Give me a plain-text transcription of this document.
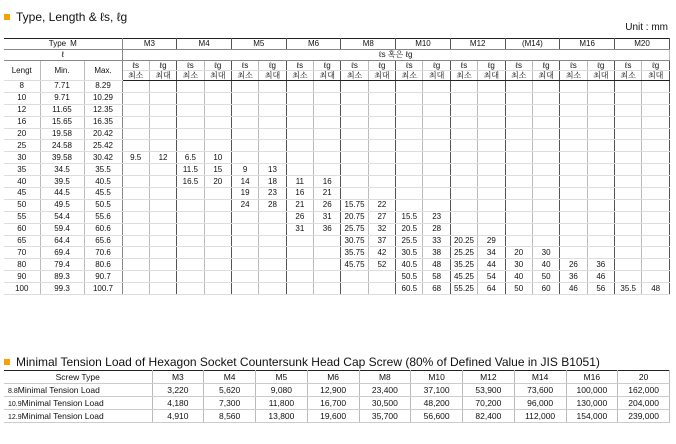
Type, Length & ℓs, ℓg
Unit : mm
Type M			M3		M4		M5		M6		M8		M10		M12		(M14)		M16		M20	
ℓ			ℓs 혹은 ℓg																			
Lengt	Min.	Max.	ℓs	ℓg	ℓs	ℓg	ℓs	ℓg	ℓs	ℓg	ℓs	ℓg	ℓs	ℓg	ℓs	ℓg	ℓs	ℓg	ℓs	ℓg	ℓs	ℓg
			최소	최대	최소	최대	최소	최대	최소	최대	최소	최대	최소	최대	최소	최대	최소	최대	최소	최대	최소	최대
8	7.71	8.29																				
10	9.71	10.29																				
12	11.65	12.35																				
16	15.65	16.35																				
20	19.58	20.42																				
25	24.58	25.42																				
30	39.58	30.42	9.5	12	6.5	10																
35	34.5	35.5			11.5	15	9	13														
40	39.5	40.5			16.5	20	14	18	11	16												
45	44.5	45.5					19	23	16	21												
50	49.5	50.5					24	28	21	26	15.75	22										
55	54.4	55.6							26	31	20.75	27	15.5	23								
60	59.4	60.6							31	36	25.75	32	20.5	28								
65	64.4	65.6									30.75	37	25.5	33	20.25	29						
70	69.4	70.6									35.75	42	30.5	38	25.25	34	20	30				
80	79.4	80.6									45.75	52	40.5	48	35.25	44	30	40	26	36		
90	89.3	90.7											50.5	58	45.25	54	40	50	36	46		
100	99.3	100.7											60.5	68	55.25	64	50	60	46	56	35.5	48
Minimal Tension Load of Hexagon Socket Countersunk Head Cap Screw (80% of Defined Value in JIS B1051)
Screw Type	M3	M4	M5	M6	M8	M10	M12	M14	M16	20
8.8Minimal Tension Load	3,220	5,620	9,080	12,900	23,400	37,100	53,900	73,600	100,000	162,000
10.9Minimal Tension Load	4,180	7,300	11,800	16,700	30,500	48,200	70,200	96,000	130,000	204,000
12.9Minimal Tension Load	4,910	8,560	13,800	19,600	35,700	56,600	82,400	112,000	154,000	239,000
